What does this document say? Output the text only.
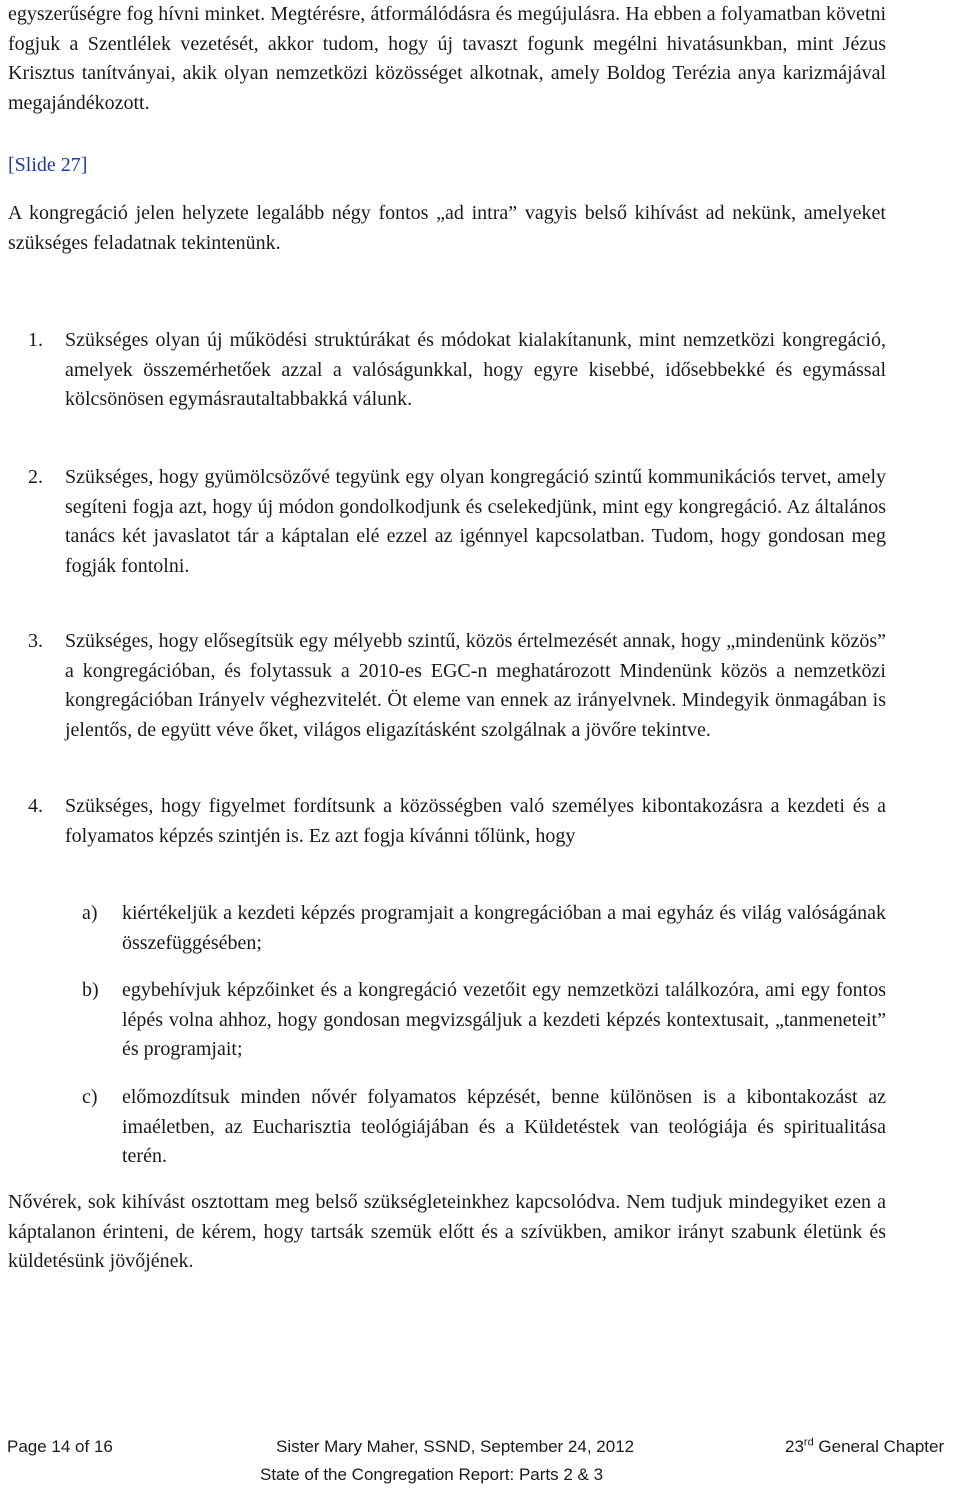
egyszerűségre fog hívni minket. Megtérésre, átformálódásra és megújulásra. Ha ebben a folyamatban követni fogjuk a Szentlélek vezetését, akkor tudom, hogy új tavaszt fogunk megélni hivatásunkban, mint Jézus Krisztus tanítványai, akik olyan nemzetközi közösséget alkotnak, amely Boldog Terézia anya karizmájával megajándékozott.

[Slide 27]

A kongregáció jelen helyzete legalább négy fontos „ad intra” vagyis belső kihívást ad nekünk, amelyeket szükséges feladatnak tekintenünk.

1. Szükséges olyan új működési struktúrákat és módokat kialakítanunk, mint nemzetközi kongregáció, amelyek összemérhetőek azzal a valóságunkkal, hogy egyre kisebbé, idősebbekké és egymással kölcsönösen egymásrautaltabbakká válunk.

2. Szükséges, hogy gyümölcsözővé tegyünk egy olyan kongregáció szintű kommunikációs tervet, amely segíteni fogja azt, hogy új módon gondolkodjunk és cselekedjünk, mint egy kongregáció. Az általános tanács két javaslatot tár a káptalan elé ezzel az igénnyel kapcsolatban. Tudom, hogy gondosan meg fogják fontolni.

3. Szükséges, hogy elősegítsük egy mélyebb szintű, közös értelmezését annak, hogy „mindenünk közös” a kongregációban, és folytassuk a 2010-es EGC-n meghatározott Mindenünk közös a nemzetközi kongregációban Irányelv véghezvitelét. Öt eleme van ennek az irányelvnek. Mindegyik önmagában is jelentős, de együtt véve őket, világos eligazításként szolgálnak a jövőre tekintve.

4. Szükséges, hogy figyelmet fordítsunk a közösségben való személyes kibontakozásra a kezdeti és a folyamatos képzés szintjén is. Ez azt fogja kívánni tőlünk, hogy

a) kiértékeljük a kezdeti képzés programjait a kongregációban a mai egyház és világ valóságának összefüggésében;

b) egybehívjuk képzőinket és a kongregáció vezetőit egy nemzetközi találkozóra, ami egy fontos lépés volna ahhoz, hogy gondosan megvizsgáljuk a kezdeti képzés kontextusait, „tanmeneteit” és programjait;

c) előmozdítsuk minden nővér folyamatos képzését, benne különösen is a kibontakozást az imaéletben, az Eucharisztia teológiájában és a Küldetéstek van teológiája és spiritualitása terén.

Nővérek, sok kihívást osztottam meg belső szükségleteinkhez kapcsolódva. Nem tudjuk mindegyiket ezen a káptalanon érinteni, de kérem, hogy tartsák szemük előtt és a szívükben, amikor irányt szabunk életünk és küldetésünk jövőjének.

Page 14 of 16	Sister Mary Maher, SSND, September 24, 2012	23rd General Chapter
State of the Congregation Report: Parts 2 & 3
